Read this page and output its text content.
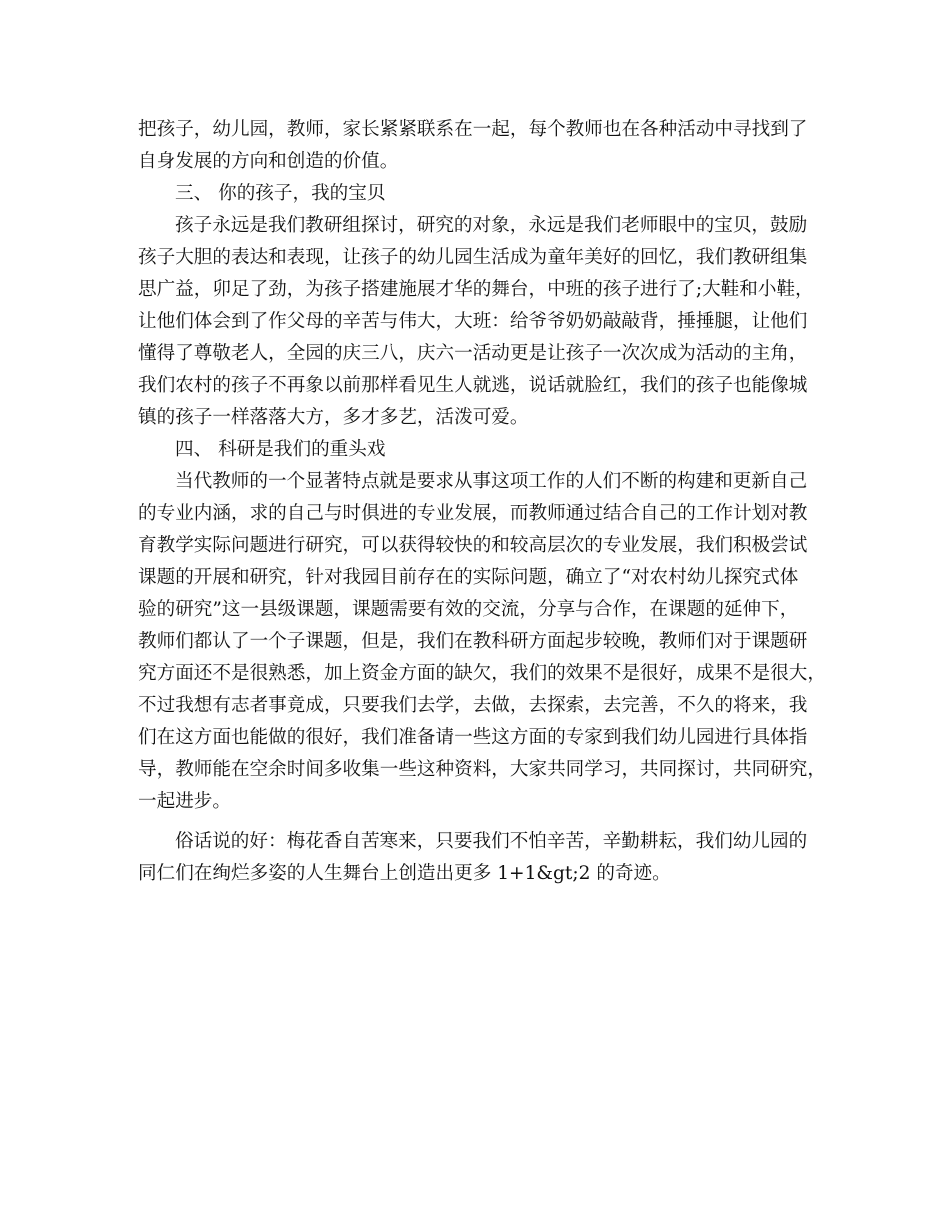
把孩子，幼儿园，教师，家长紧紧联系在一起，每个教师也在各种活动中寻找到了
自身发展的方向和创造的价值。
三、 你的孩子，我的宝贝
孩子永远是我们教研组探讨，研究的对象，永远是我们老师眼中的宝贝，鼓励
孩子大胆的表达和表现，让孩子的幼儿园生活成为童年美好的回忆，我们教研组集
思广益，卯足了劲，为孩子搭建施展才华的舞台，中班的孩子进行了;大鞋和小鞋，
让他们体会到了作父母的辛苦与伟大，大班：给爷爷奶奶敲敲背，捶捶腿，让他们
懂得了尊敬老人，全园的庆三八，庆六一活动更是让孩子一次次成为活动的主角，
我们农村的孩子不再象以前那样看见生人就逃，说话就脸红，我们的孩子也能像城
镇的孩子一样落落大方，多才多艺，活泼可爱。
四、 科研是我们的重头戏
当代教师的一个显著特点就是要求从事这项工作的人们不断的构建和更新自己
的专业内涵，求的自己与时俱进的专业发展，而教师通过结合自己的工作计划对教
育教学实际问题进行研究，可以获得较快的和较高层次的专业发展，我们积极尝试
课题的开展和研究，针对我园目前存在的实际问题，确立了“对农村幼儿探究式体
验的研究”这一县级课题，课题需要有效的交流，分享与合作，在课题的延伸下，
教师们都认了一个子课题，但是，我们在教科研方面起步较晚，教师们对于课题研
究方面还不是很熟悉，加上资金方面的缺欠，我们的效果不是很好，成果不是很大，
不过我想有志者事竟成，只要我们去学，去做，去探索，去完善，不久的将来，我
们在这方面也能做的很好，我们准备请一些这方面的专家到我们幼儿园进行具体指
导，教师能在空余时间多收集一些这种资料，大家共同学习，共同探讨，共同研究，
一起进步。
俗话说的好：梅花香自苦寒来，只要我们不怕辛苦，辛勤耕耘，我们幼儿园的
同仁们在绚烂多姿的人生舞台上创造出更多 1+1&gt;2 的奇迹。
